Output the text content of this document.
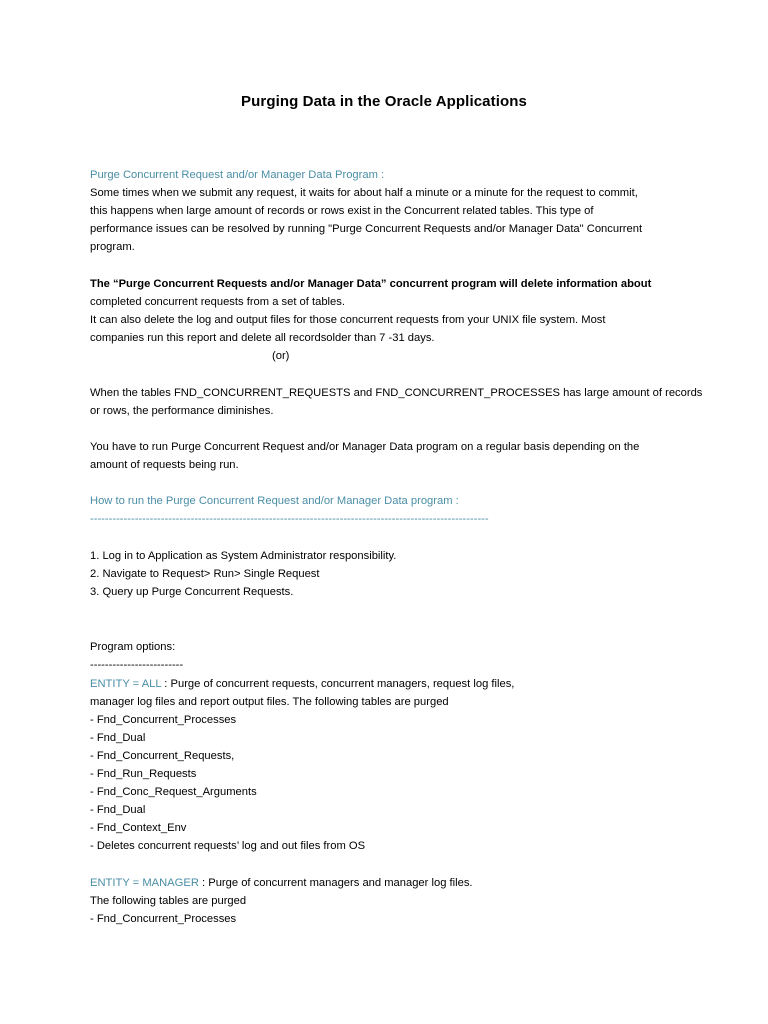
Purging Data in the Oracle Applications
Purge Concurrent Request and/or Manager Data Program :
Some times when we submit any request, it waits for about half a minute or a minute for the request to commit,
this happens when large amount of records or rows exist in the Concurrent related tables. This type of
performance issues can be resolved by running "Purge Concurrent Requests and/or Manager Data" Concurrent
program.
The “Purge Concurrent Requests and/or Manager Data” concurrent program will delete information about
completed concurrent requests from a set of tables.
It can also delete the log and output files for those concurrent requests from your UNIX file system. Most
companies run this report and delete all recordsolder than 7 -31 days.
(or)
When the tables FND_CONCURRENT_REQUESTS and FND_CONCURRENT_PROCESSES has large amount of records
or rows, the performance diminishes.
You have to run Purge Concurrent Request and/or Manager Data program on a regular basis depending on the
amount of requests being run.
How to run the Purge Concurrent Request and/or Manager Data program :
-----------------------------------------------------------------------------------------------------------
1. Log in to Application as System Administrator responsibility.
2. Navigate to Request> Run> Single Request
3. Query up Purge Concurrent Requests.
Program options:
-------------------------
ENTITY = ALL : Purge of concurrent requests, concurrent managers, request log files,
manager log files and report output files. The following tables are purged
- Fnd_Concurrent_Processes
- Fnd_Dual
- Fnd_Concurrent_Requests,
- Fnd_Run_Requests
- Fnd_Conc_Request_Arguments
- Fnd_Dual
- Fnd_Context_Env
- Deletes concurrent requests’ log and out files from OS
ENTITY = MANAGER : Purge of concurrent managers and manager log files.
The following tables are purged
- Fnd_Concurrent_Processes
